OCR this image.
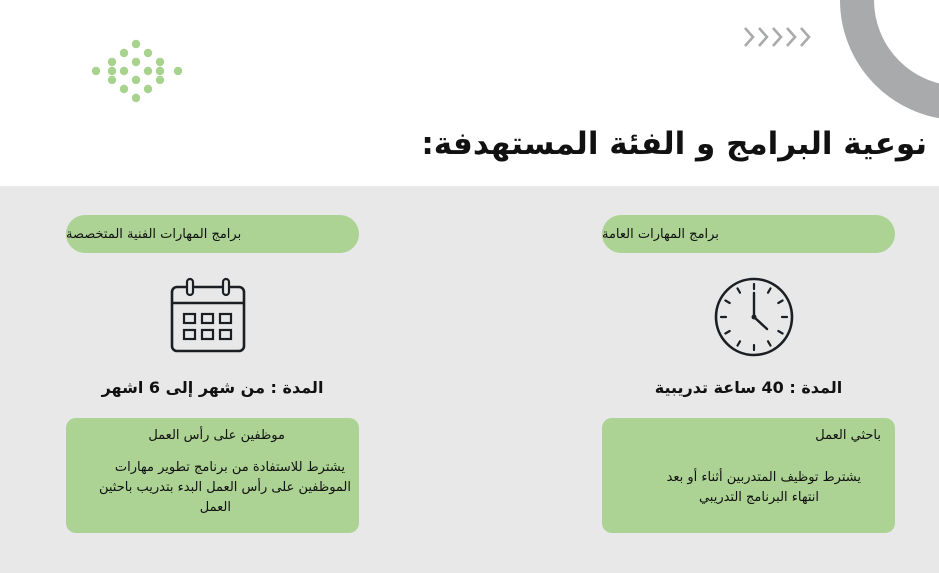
نوعية البرامج و الفئة المستهدفة:
برامج المهارات العامة
المدة : 40 ساعة تدريبية
باحثي العمل
يشترط توظيف المتدربين أثناء أو بعد
انتهاء البرنامج التدريبي
برامج المهارات الفنية المتخصصة
المدة : من شهر إلى 6 اشهر
موظفين على رأس العمل
يشترط للاستفادة من برنامج تطوير مهارات
الموظفين على رأس العمل البدء بتدريب باحثين
العمل
